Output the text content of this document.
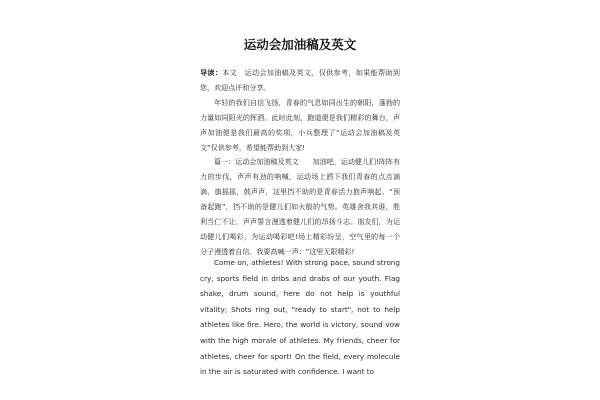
运动会加油稿及英文

导读：本文　运动会加油稿及英文，仅供参考，如果能帮助到您，欢迎点评和分享。

年轻的我们自信飞扬，青春的气息如同出生的朝阳，蓬勃的力量如同阳光的挥洒。此时此刻，跑道便是我们精彩的舞台，声声加油便是我们最高的奖项，小兵整理了“运动会加油稿及英文”仅供参考，希望能帮助到大家!

篇一：运动会加油稿及英文 加油吧，运动健儿们!阵阵有力的步伐，声声有劲的呐喊，运动场上洒下我们青春的点点滴滴，旗摇摇，鼓声声，这里挡不助的是青春活力抱声响起，“预备起跑”，挡不助的是健儿们如火般的气势。英雄舍我其谁，胜利当仁不让，声声誓言漫透着健儿们的昂扬斗志。朋友们，为运动健儿们喝彩，为运动喝彩吧!场上精彩纷呈，空气里的每一个分子漫透着自信。我要高喊一声：“这里无限精彩!

Come on, athletes! With strong pace, sound strong cry, sports field in dribs and drabs of our youth. Flag shake, drum sound, here do not help is youthful vitality; Shots ring out, "ready to start", not to help athletes like fire. Hero, the world is victory, sound vow with the high morale of athletes. My friends, cheer for athletes, cheer for sport! On the field, every molecule in the air is saturated with confidence. I want to
